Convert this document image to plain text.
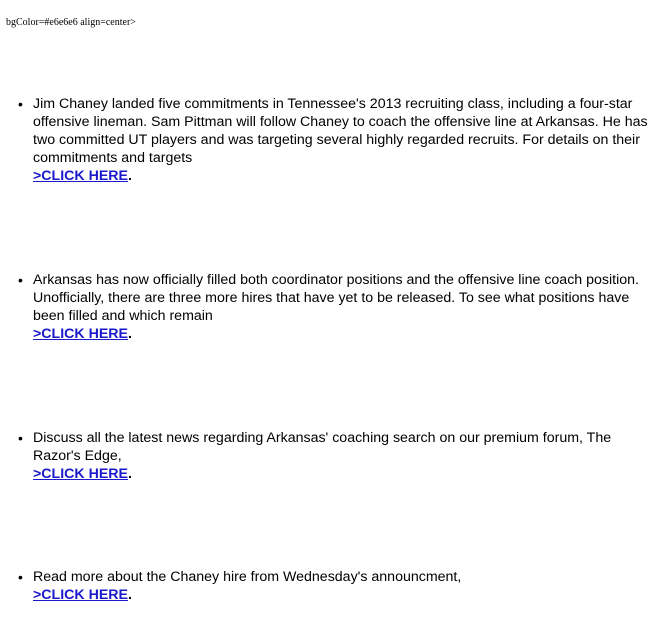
bgColor=#e6e6e6 align=center>
• Jim Chaney landed five commitments in Tennessee's 2013 recruiting class, including a four-star offensive lineman. Sam Pittman will follow Chaney to coach the offensive line at Arkansas. He has two committed UT players and was targeting several highly regarded recruits. For details on their commitments and targets
>CLICK HERE.
• Arkansas has now officially filled both coordinator positions and the offensive line coach position. Unofficially, there are three more hires that have yet to be released. To see what positions have been filled and which remain
>CLICK HERE.
• Discuss all the latest news regarding Arkansas' coaching search on our premium forum, The Razor's Edge,
>CLICK HERE.
• Read more about the Chaney hire from Wednesday's announcment,
>CLICK HERE.
